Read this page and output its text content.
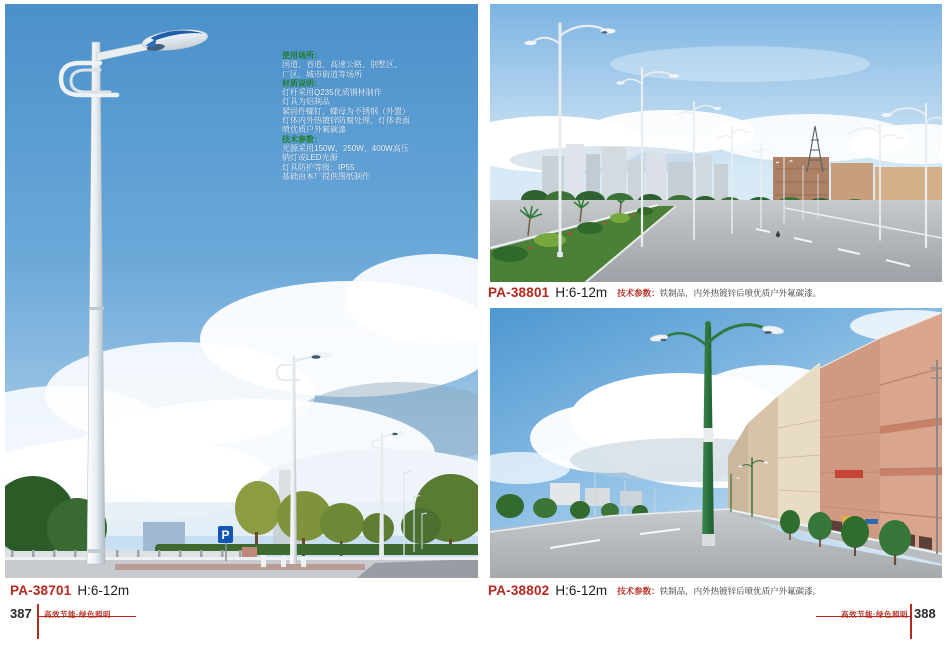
P
使用场所：
国道、省道、高速公路、别墅区、
厂区、城市街道等场所
材质说明：
灯杆采用Q235优质钢材制作
灯具为铝制品
紧固件螺钉、螺母为不锈钢（外置）
灯体内外热镀锌防腐处理，灯体表面
喷优质户外氟碳漆
技术参数：
光源采用150W、250W、400W高压
钠灯或LED光源
灯具防护等级：IP55
基础由本厂提供图纸制作
PA-38701 H:6-12m
387	高效节能·绿色照明
PA-38801 H:6-12m 技术参数：铁制品，内外热镀锌后喷优质户外氟碳漆。
PA-38802 H:6-12m 技术参数：铁制品，内外热镀锌后喷优质户外氟碳漆。
高效节能·绿色照明 388
